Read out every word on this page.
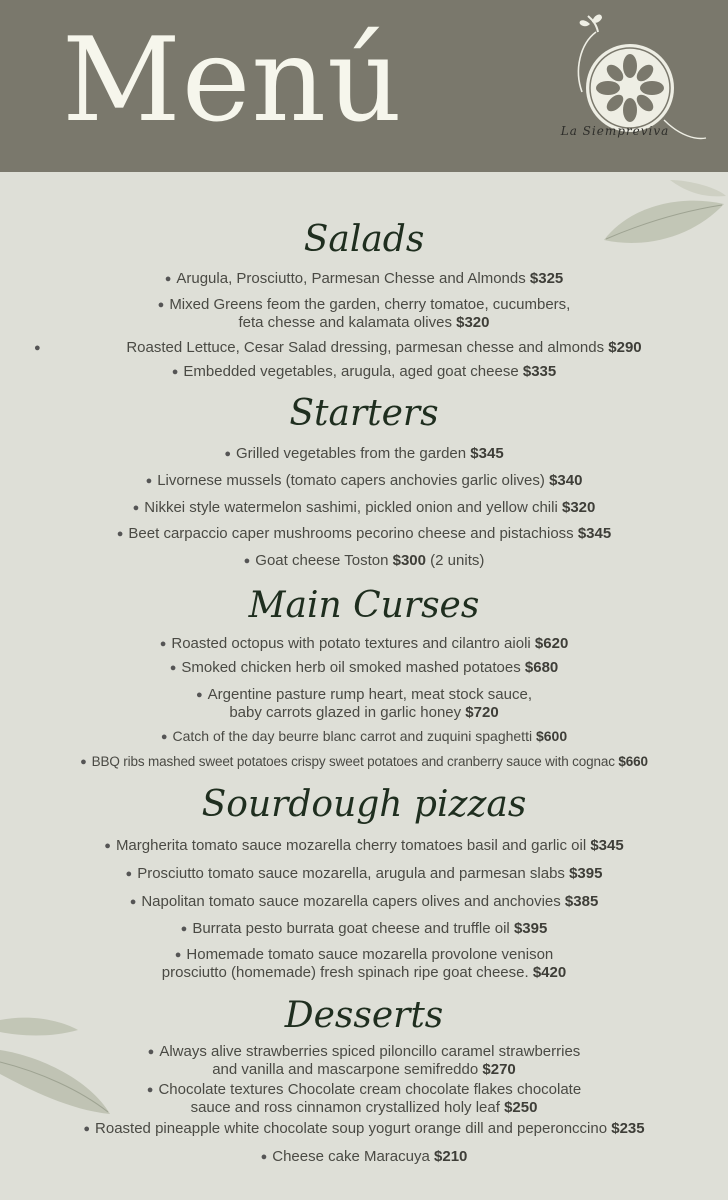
Menú	La Siempreviva
Salads
● Arugula, Prosciutto, Parmesan Chesse and Almonds $325
● Mixed Greens feom the garden, cherry tomatoe, cucumbers,
feta chesse and kalamata olives $320
●	Roasted Lettuce, Cesar Salad dressing, parmesan chesse and almonds $290
● Embedded vegetables, arugula, aged goat cheese $335
Starters
● Grilled vegetables from the garden $345
● Livornese mussels (tomato capers anchovies garlic olives) $340
● Nikkei style watermelon sashimi, pickled onion and yellow chili $320
● Beet carpaccio caper mushrooms pecorino cheese and pistachioss $345
● Goat cheese Toston $300 (2 units)
Main Curses
● Roasted octopus with potato textures and cilantro aioli $620
● Smoked chicken herb oil smoked mashed potatoes $680
● Argentine pasture rump heart, meat stock sauce,
baby carrots glazed in garlic honey $720
● Catch of the day beurre blanc carrot and zuquini spaghetti $600
● BBQ ribs mashed sweet potatoes crispy sweet potatoes and cranberry sauce with cognac $660
Sourdough pizzas
● Margherita tomato sauce mozarella cherry tomatoes basil and garlic oil $345
● Prosciutto tomato sauce mozarella, arugula and parmesan slabs $395
● Napolitan tomato sauce mozarella capers olives and anchovies $385
● Burrata pesto burrata goat cheese and truffle oil $395
● Homemade tomato sauce mozarella provolone venison
prosciutto (homemade) fresh spinach ripe goat cheese. $420
Desserts
● Always alive strawberries spiced piloncillo caramel strawberries
and vanilla and mascarpone semifreddo $270
● Chocolate textures Chocolate cream chocolate flakes chocolate
sauce and ross cinnamon crystallized holy leaf $250
● Roasted pineapple white chocolate soup yogurt orange dill and peperonccino $235
● Cheese cake Maracuya $210
